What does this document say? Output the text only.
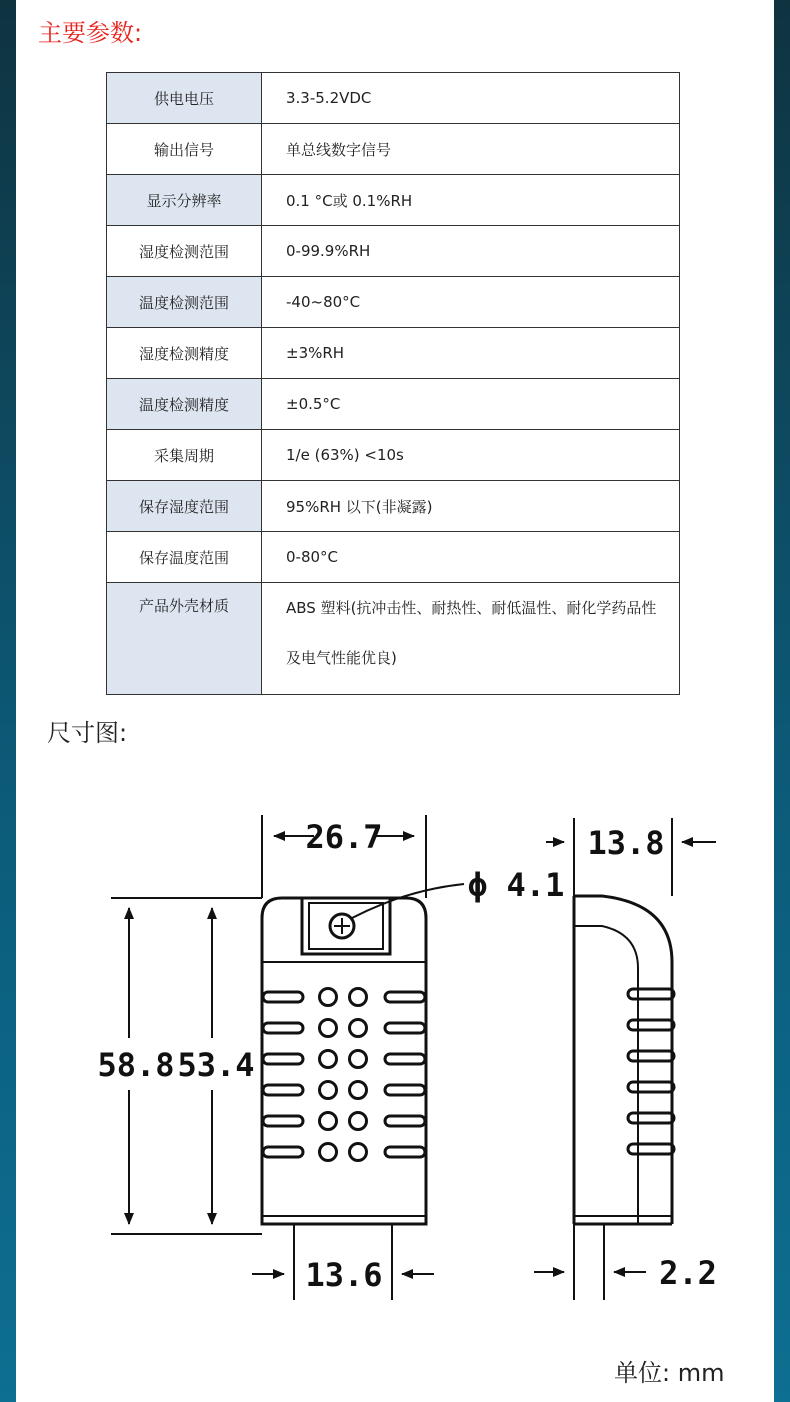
主要参数:
供电电压	3.3-5.2VDC
输出信号	单总线数字信号
显示分辨率	0.1 °C或 0.1%RH
湿度检测范围	0-99.9%RH
温度检测范围	-40~80°C
湿度检测精度	±3%RH
温度检测精度	±0.5°C
采集周期	1/e (63%) <10s
保存湿度范围	95%RH 以下(非凝露)
保存温度范围	0-80°C
产品外壳材质	ABS 塑料(抗冲击性、耐热性、耐低温性、耐化学药品性及电气性能优良)
尺寸图:
26.7
ϕ 4.1
58.8 53.4
13.6
13.8
2.2
单位: mm
